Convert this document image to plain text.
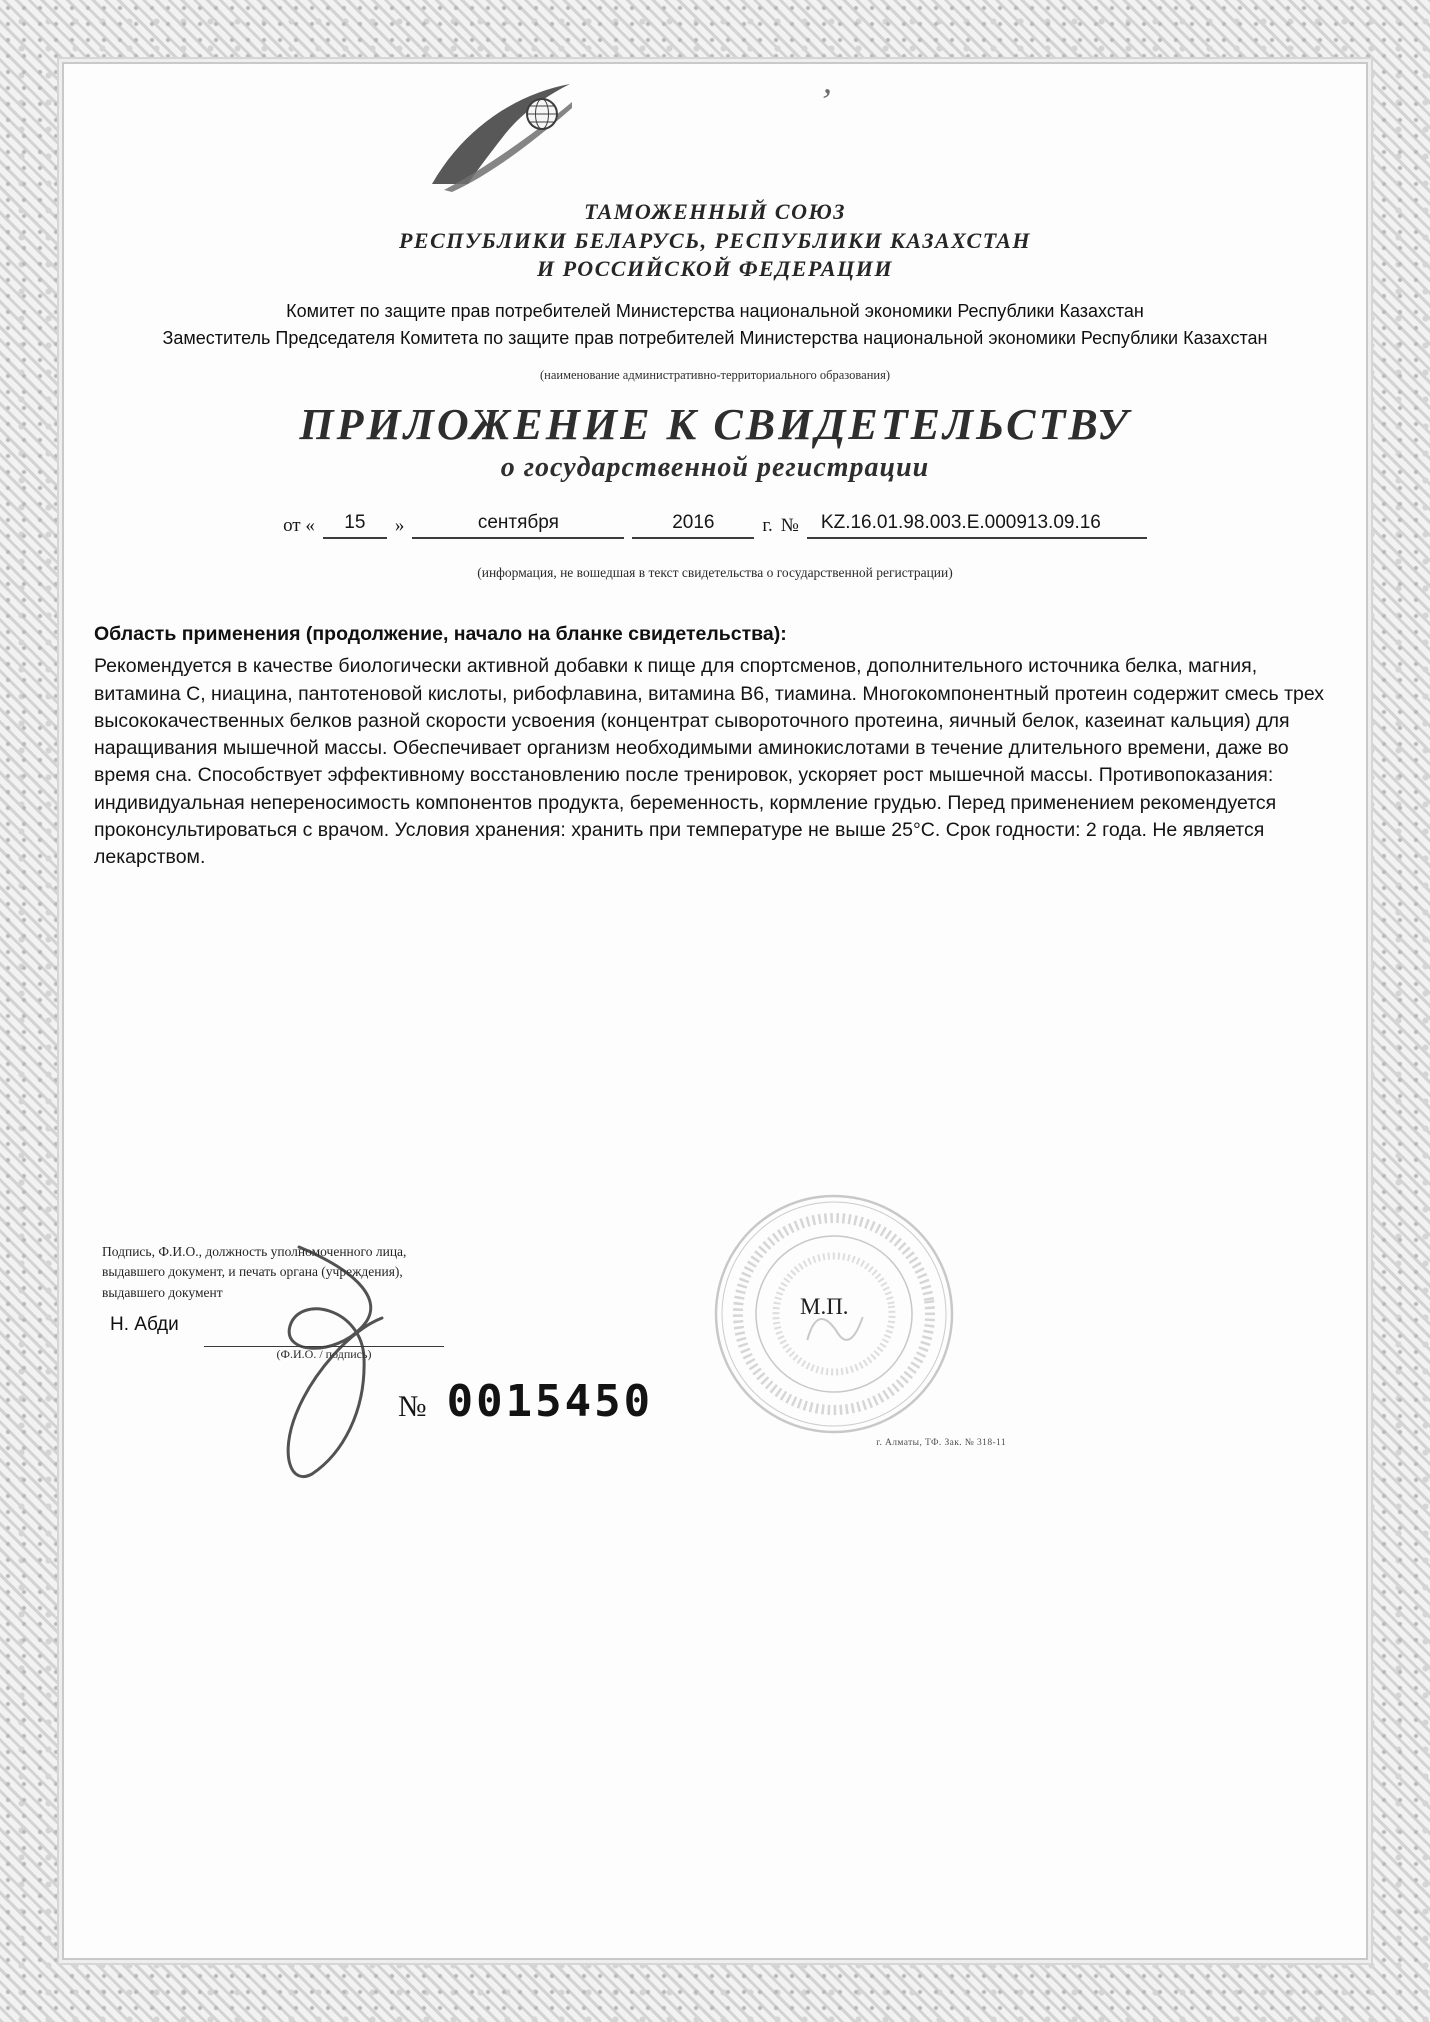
’
ТАМОЖЕННЫЙ СОЮЗ
РЕСПУБЛИКИ БЕЛАРУСЬ, РЕСПУБЛИКИ КАЗАХСТАН
И РОССИЙСКОЙ ФЕДЕРАЦИИ
Комитет по защите прав потребителей Министерства национальной экономики Республики Казахстан
Заместитель Председателя Комитета по защите прав потребителей Министерства национальной экономики Республики Казахстан
(наименование административно-территориального образования)
ПРИЛОЖЕНИЕ К СВИДЕТЕЛЬСТВУ
о государственной регистрации
от «	15	»	сентября	2016	г. №	KZ.16.01.98.003.Е.000913.09.16
(информация, не вошедшая в текст свидетельства о государственной регистрации)
Область применения (продолжение, начало на бланке свидетельства):
Рекомендуется в качестве биологически активной добавки к пище для спортсменов, дополнительного источника белка, магния, витамина С, ниацина, пантотеновой кислоты, рибофлавина, витамина В6, тиамина. Многокомпонентный протеин содержит смесь трех высококачественных белков разной скорости усвоения (концентрат сывороточного протеина, яичный белок, казеинат кальция) для наращивания мышечной массы. Обеспечивает организм необходимыми аминокислотами в течение длительного времени, даже во время сна. Способствует эффективному восстановлению после тренировок, ускоряет рост мышечной массы. Противопоказания: индивидуальная непереносимость компонентов продукта, беременность, кормление грудью. Перед применением рекомендуется проконсультироваться с врачом. Условия хранения: хранить при температуре не выше 25°С. Срок годности: 2 года. Не является лекарством.
Подпись, Ф.И.О., должность уполномоченного лица,
выдавшего документ, и печать органа (учреждения),
выдавшего документ
Н. Абди
(Ф.И.О. / подпись)
М.П.
№ 0015450
г. Алматы, ТФ. Зак. № 318-11
